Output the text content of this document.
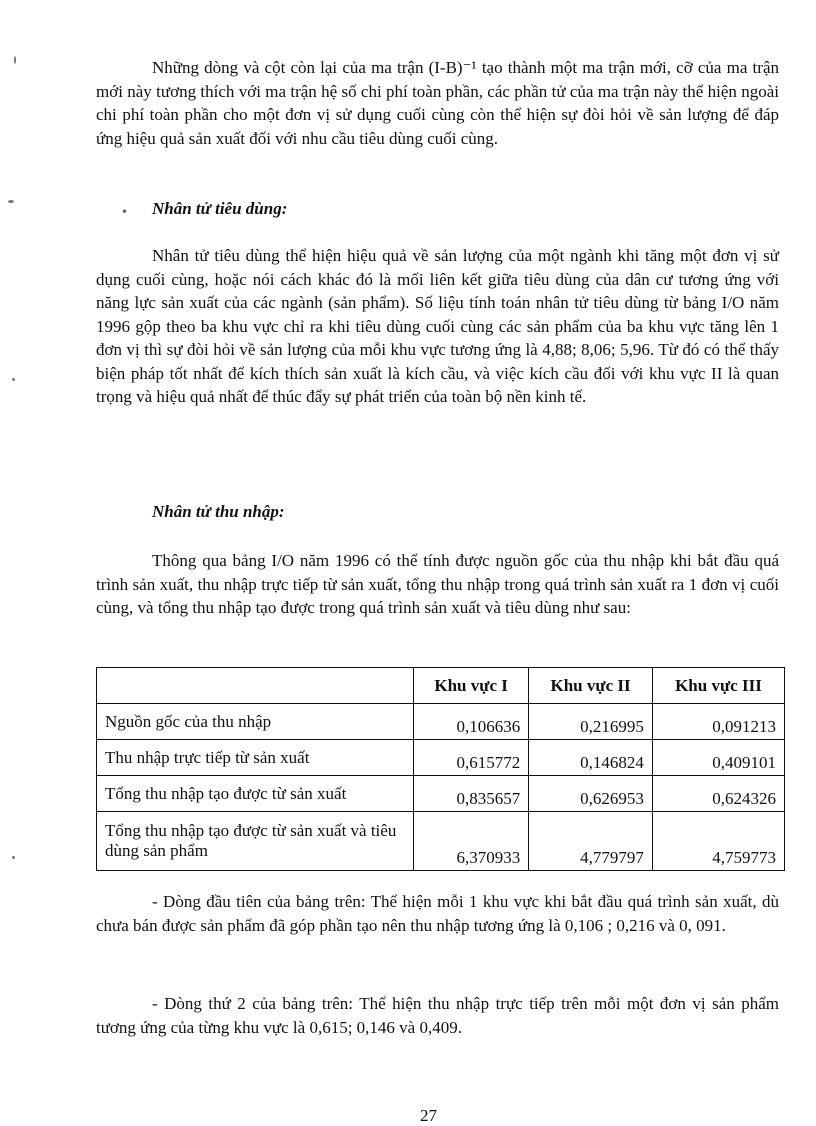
Những dòng và cột còn lại của ma trận (I-B)⁻¹ tạo thành một ma trận mới, cỡ của ma trận mới này tương thích với ma trận hệ số chi phí toàn phần, các phần tử của ma trận này thể hiện ngoài chi phí toàn phần cho một đơn vị sử dụng cuối cùng còn thể hiện sự đòi hỏi về sản lượng để đáp ứng hiệu quả sản xuất đối với nhu cầu tiêu dùng cuối cùng.

• Nhân tử tiêu dùng:

Nhân tử tiêu dùng thể hiện hiệu quả về sản lượng của một ngành khi tăng một đơn vị sử dụng cuối cùng, hoặc nói cách khác đó là mối liên kết giữa tiêu dùng của dân cư tương ứng với năng lực sản xuất của các ngành (sản phẩm). Số liệu tính toán nhân tử tiêu dùng từ bảng I/O năm 1996 gộp theo ba khu vực chỉ ra khi tiêu dùng cuối cùng các sản phẩm của ba khu vực tăng lên 1 đơn vị thì sự đòi hỏi về sản lượng của mỗi khu vực tương ứng là 4,88; 8,06; 5,96. Từ đó có thể thấy biện pháp tốt nhất để kích thích sản xuất là kích cầu, và việc kích cầu đối với khu vực II là quan trọng và hiệu quả nhất để thúc đẩy sự phát triển của toàn bộ nền kinh tế.

Nhân tử thu nhập:

Thông qua bảng I/O năm 1996 có thể tính được nguồn gốc của thu nhập khi bắt đầu quá trình sản xuất, thu nhập trực tiếp từ sản xuất, tổng thu nhập trong quá trình sản xuất ra 1 đơn vị cuối cùng, và tổng thu nhập tạo được trong quá trình sản xuất và tiêu dùng như sau:

	Khu vực I	Khu vực II	Khu vực III
Nguồn gốc của thu nhập	0,106636	0,216995	0,091213
Thu nhập trực tiếp từ sản xuất	0,615772	0,146824	0,409101
Tổng thu nhập tạo được từ sản xuất	0,835657	0,626953	0,624326
Tổng thu nhập tạo được từ sản xuất và tiêu dùng sản phẩm	6,370933	4,779797	4,759773

- Dòng đầu tiên của bảng trên: Thể hiện mỗi 1 khu vực khi bắt đầu quá trình sản xuất, dù chưa bán được sản phẩm đã góp phần tạo nên thu nhập tương ứng là 0,106 ; 0,216 và 0, 091.

- Dòng thứ 2 của bảng trên: Thể hiện thu nhập trực tiếp trên mỗi một đơn vị sản phẩm tương ứng của từng khu vực là 0,615; 0,146 và 0,409.

27
